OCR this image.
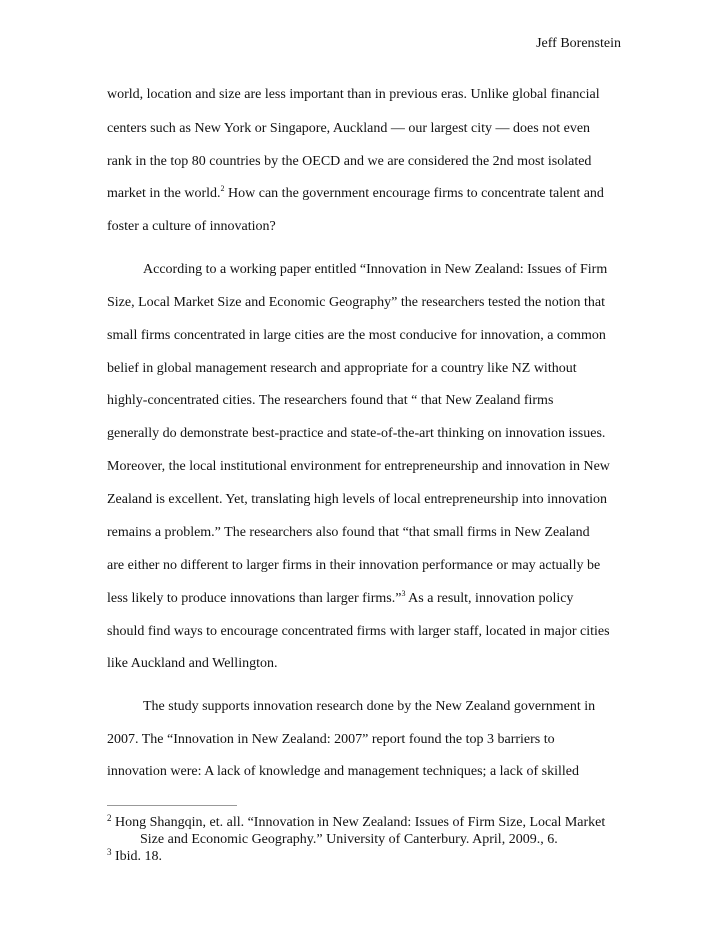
Jeff Borenstein
world, location and size are less important than in previous eras. Unlike global financial
centers such as New York or Singapore, Auckland — our largest city — does not even
rank in the top 80 countries by the OECD and we are considered the 2nd most isolated
market in the world.$^2$ How can the government encourage firms to concentrate talent and
foster a culture of innovation?
According to a working paper entitled “Innovation in New Zealand: Issues of Firm
Size, Local Market Size and Economic Geography” the researchers tested the notion that
small firms concentrated in large cities are the most conducive for innovation, a common
belief in global management research and appropriate for a country like NZ without
highly-concentrated cities. The researchers found that “ that New Zealand firms
generally do demonstrate best-practice and state-of-the-art thinking on innovation issues.
Moreover, the local institutional environment for entrepreneurship and innovation in New
Zealand is excellent. Yet, translating high levels of local entrepreneurship into innovation
remains a problem.” The researchers also found that “that small firms in New Zealand
are either no different to larger firms in their innovation performance or may actually be
less likely to produce innovations than larger firms.”$^3$ As a result, innovation policy
should find ways to encourage concentrated firms with larger staff, located in major cities
like Auckland and Wellington.
The study supports innovation research done by the New Zealand government in
2007. The “Innovation in New Zealand: 2007” report found the top 3 barriers to
innovation were: A lack of knowledge and management techniques; a lack of skilled
$^2$ Hong Shangqin, et. all. “Innovation in New Zealand: Issues of Firm Size, Local Market
Size and Economic Geography.” University of Canterbury. April, 2009., 6.
$^3$ Ibid. 18.
